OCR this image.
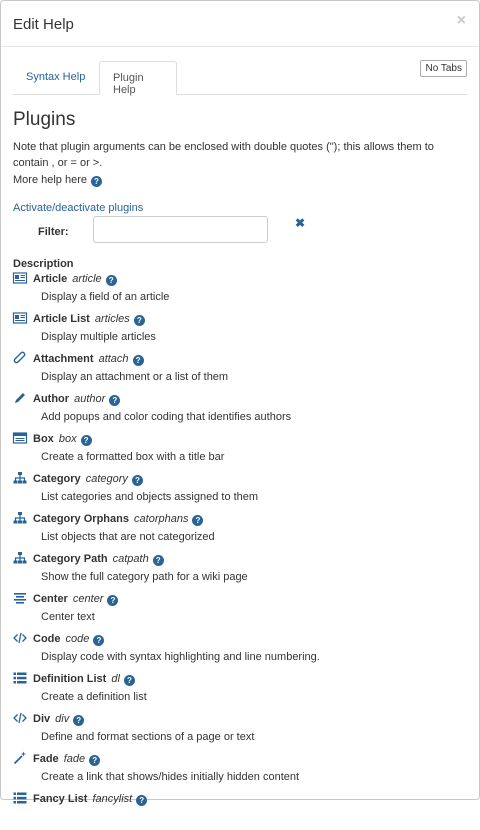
Edit Help	×
Syntax Help	Plugin Help
No Tabs
Plugins
Note that plugin arguments can be enclosed with double quotes ("); this allows them to contain , or = or >.
More help here ?
Activate/deactivate plugins
Filter:
✖
Description
Article article ?
Display a field of an article
Article List articles ?
Display multiple articles
Attachment attach ?
Display an attachment or a list of them
Author author ?
Add popups and color coding that identifies authors
Box box ?
Create a formatted box with a title bar
Category category ?
List categories and objects assigned to them
Category Orphans catorphans ?
List objects that are not categorized
Category Path catpath ?
Show the full category path for a wiki page
Center center ?
Center text
Code code ?
Display code with syntax highlighting and line numbering.
Definition List dl ?
Create a definition list
Div div ?
Define and format sections of a page or text
Fade fade ?
Create a link that shows/hides initially hidden content
Fancy List fancylist ?
